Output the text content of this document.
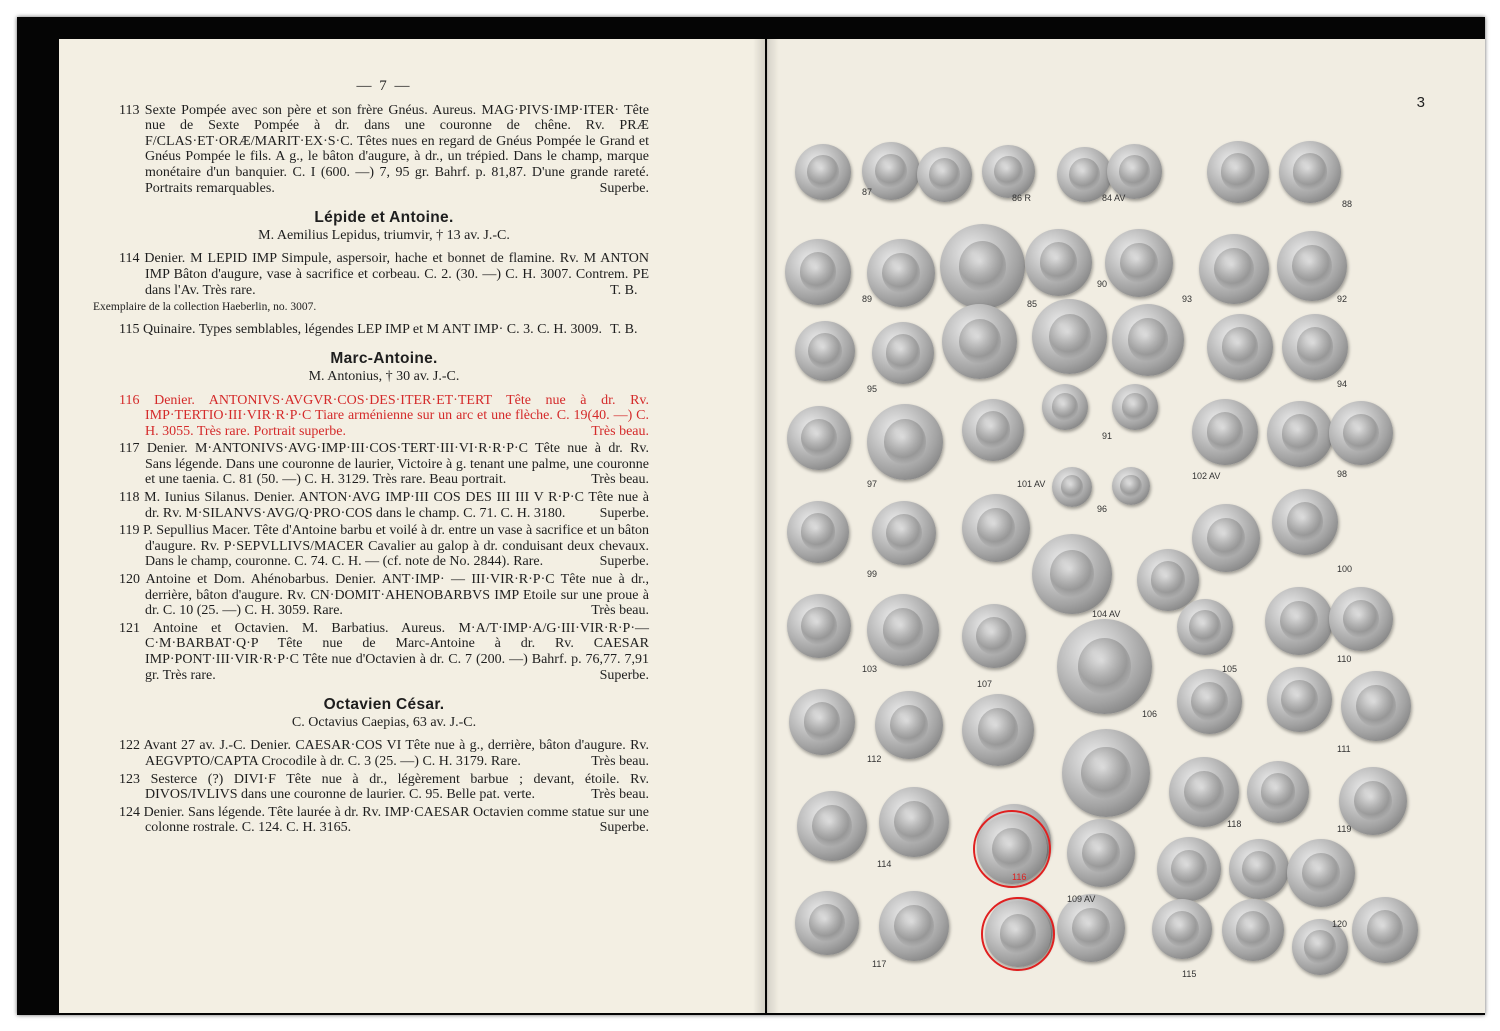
— 7 —
113 Sexte Pompée avec son père et son frère Gnéus. Aureus. MAG·PIVS·IMP·ITER· Tête nue de Sexte Pompée à dr. dans une couronne de chêne. Rv. PRÆ F/CLAS·ET·ORÆ/MARIT·EX·S·C. Têtes nues en regard de Gnéus Pompée le Grand et Gnéus Pompée le fils. A g., le bâton d'augure, à dr., un trépied. Dans le champ, marque monétaire d'un banquier. C. I (600. —) 7, 95 gr. Bahrf. p. 81,87. D'une grande rareté. Portraits remarquables.	Superbe.
Lépide et Antoine.
M. Aemilius Lepidus, triumvir, † 13 av. J.-C.
114 Denier. M LEPID IMP Simpule, aspersoir, hache et bonnet de flamine. Rv. M ANTON IMP Bâton d'augure, vase à sacrifice et corbeau. C. 2. (30. —) C. H. 3007. Contrem. PE dans l'Av. Très rare.	T. B.
Exemplaire de la collection Haeberlin, no. 3007.
115 Quinaire. Types semblables, légendes LEP IMP et M ANT IMP· C. 3. C. H. 3009. T. B.
Marc-Antoine.
M. Antonius, † 30 av. J.-C.
116 Denier. ANTONIVS·AVGVR·COS·DES·ITER·ET·TERT Tête nue à dr. Rv. IMP·TERTIO·III·VIR·R·P·C Tiare arménienne sur un arc et une flèche. C. 19(40. —) C. H. 3055. Très rare. Portrait superbe.	Très beau.
117 Denier. M·ANTONIVS·AVG·IMP·III·COS·TERT·III·VI·R·R·P·C Tête nue à dr. Rv. Sans légende. Dans une couronne de laurier, Victoire à g. tenant une palme, une couronne et une taenia. C. 81 (50. —) C. H. 3129. Très rare. Beau portrait.	Très beau.
118 M. Iunius Silanus. Denier. ANTON·AVG IMP·III COS DES III III V R·P·C Tête nue à dr. Rv. M·SILANVS·AVG/Q·PRO·COS dans le champ. C. 71. C. H. 3180. Superbe.
119 P. Sepullius Macer. Tête d'Antoine barbu et voilé à dr. entre un vase à sacrifice et un bâton d'augure. Rv. P·SEPVLLIVS/MACER Cavalier au galop à dr. conduisant deux chevaux. Dans le champ, couronne. C. 74. C. H. — (cf. note de No. 2844). Rare.	Superbe.
120 Antoine et Dom. Ahénobarbus. Denier. ANT·IMP· — III·VIR·R·P·C Tête nue à dr., derrière, bâton d'augure. Rv. CN·DOMIT·AHENOBARBVS IMP Etoile sur une proue à dr. C. 10 (25. —) C. H. 3059. Rare.	Très beau.
121 Antoine et Octavien. M. Barbatius. Aureus. M·A/T·IMP·A/G·III·VIR·R·P·—C·M·BARBAT·Q·P Tête nue de Marc-Antoine à dr. Rv. CAESAR IMP·PONT·III·VIR·R·P·C Tête nue d'Octavien à dr. C. 7 (200. —) Bahrf. p. 76,77. 7,91 gr. Très rare.	Superbe.
Octavien César.
C. Octavius Caepias, 63 av. J.-C.
122 Avant 27 av. J.-C. Denier. CAESAR·COS VI Tête nue à g., derrière, bâton d'augure. Rv. AEGVPTO/CAPTA Crocodile à dr. C. 3 (25. —) C. H. 3179. Rare.	Très beau.
123 Sesterce (?) DIVI·F Tête nue à dr., légèrement barbue ; devant, étoile. Rv. DIVOS/IVLIVS dans une couronne de laurier. C. 95. Belle pat. verte.	Très beau.
124 Denier. Sans légende. Tête laurée à dr. Rv. IMP·CAESAR Octavien comme statue sur une colonne rostrale. C. 124. C. H. 3165.	Superbe.
3
87
86 R	84 AV
88
89	85
90
93	92
95	94
91
97	101 AV
102 AV	98
96
99	100
104 AV
103
107
105
110
106
112
111
114
116
118	119
109 AV
117
115
120
